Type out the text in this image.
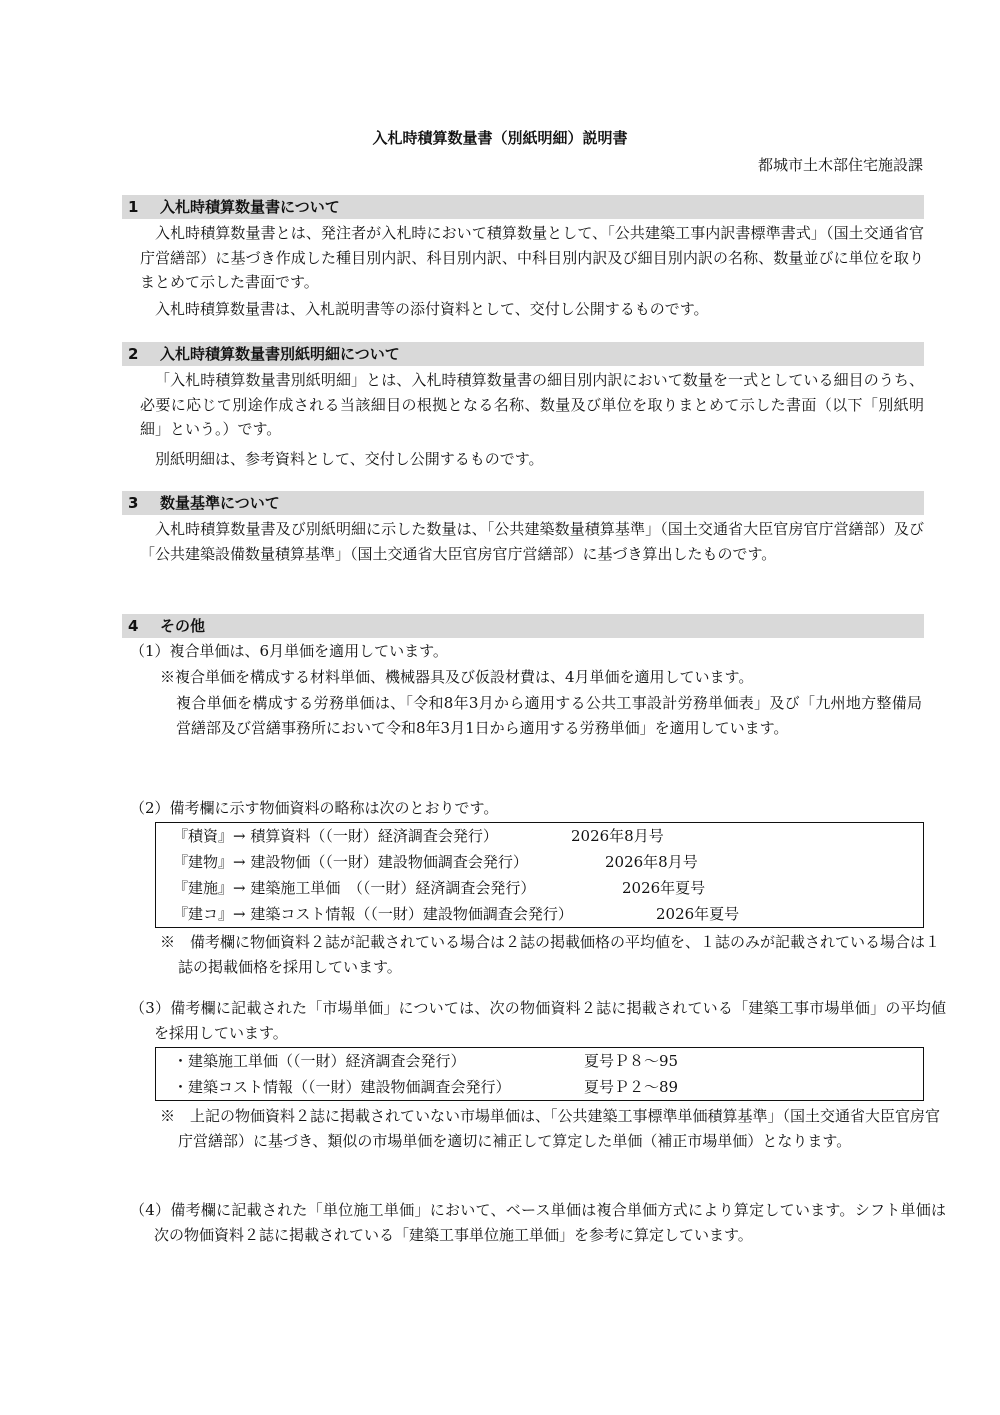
入札時積算数量書（別紙明細）説明書
都城市土木部住宅施設課
1 入札時積算数量書について

入札時積算数量書とは、発注者が入札時において積算数量として、「公共建築工事内訳書標準書式」（国土交通省官庁営繕部）に基づき作成した種目別内訳、科目別内訳、中科目別内訳及び細目別内訳の名称、数量並びに単位を取りまとめて示した書面です。

入札時積算数量書は、入札説明書等の添付資料として、交付し公開するものです。

2 入札時積算数量書別紙明細について

「入札時積算数量書別紙明細」とは、入札時積算数量書の細目別内訳において数量を一式としている細目のうち、必要に応じて別途作成される当該細目の根拠となる名称、数量及び単位を取りまとめて示した書面（以下「別紙明細」という。）です。

別紙明細は、参考資料として、交付し公開するものです。

3 数量基準について

入札時積算数量書及び別紙明細に示した数量は、「公共建築数量積算基準」（国土交通省大臣官房官庁営繕部）及び「公共建築設備数量積算基準」（国土交通省大臣官房官庁営繕部）に基づき算出したものです。

4 その他
（1）複合単価は、6月単価を適用しています。
※複合単価を構成する材料単価、機械器具及び仮設材費は、4月単価を適用しています。

複合単価を構成する労務単価は、「令和8年3月から適用する公共工事設計労務単価表」及び「九州地方整備局営繕部及び営繕事務所において令和8年3月1日から適用する労務単価」を適用しています。

（2）備考欄に示す物価資料の略称は次のとおりです。
『積資』→ 積算資料（（一財）経済調査会発行）	2026年8月号
『建物』→ 建設物価（（一財）建設物価調査会発行）	2026年8月号
『建施』→ 建築施工単価　（（一財）経済調査会発行）	2026年夏号
『建コ』→ 建築コスト情報（（一財）建設物価調査会発行）	2026年夏号

※　備考欄に物価資料２誌が記載されている場合は２誌の掲載価格の平均値を、１誌のみが記載されている場合は１誌の掲載価格を採用しています。

（3）備考欄に記載された「市場単価」については、次の物価資料２誌に掲載されている「建築工事市場単価」の平均値を採用しています。

・建築施工単価（（一財）経済調査会発行）	夏号Ｐ８～95
・建築コスト情報（（一財）建設物価調査会発行）	夏号Ｐ２～89

※　上記の物価資料２誌に掲載されていない市場単価は、「公共建築工事標準単価積算基準」（国土交通省大臣官房官庁営繕部）に基づき、類似の市場単価を適切に補正して算定した単価（補正市場単価）となります。

（4）備考欄に記載された「単位施工単価」において、ベース単価は複合単価方式により算定しています。シフト単価は次の物価資料２誌に掲載されている「建築工事単位施工単価」を参考に算定しています。
